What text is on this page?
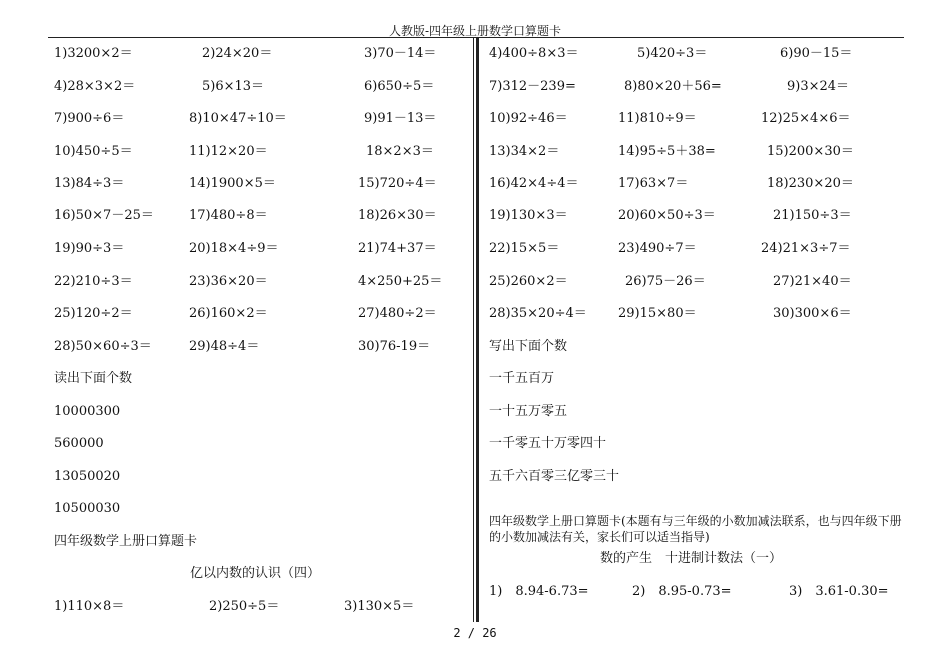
人教版-四年级上册数学口算题卡
1)3200×2＝	2)24×20＝	3)70－14＝
4)28×3×2＝	5)6×13＝	6)650÷5＝
7)900÷6＝	8)10×47÷10＝	9)91－13＝
10)450÷5＝	11)12×20＝	18×2×3＝
13)84÷3＝	14)1900×5＝	15)720÷4＝
16)50×7－25＝	17)480÷8＝	18)26×30＝
19)90÷3＝	20)18×4÷9＝	21)74+37＝
22)210÷3＝	23)36×20＝	4×250+25＝
25)120÷2＝	26)160×2＝	27)480÷2＝
28)50×60÷3＝	29)48÷4＝	30)76-19＝
读出下面个数
10000300
560000
13050020
10500030
四年级数学上册口算题卡
亿以内数的认识（四）
1)110×8＝	2)250÷5＝	3)130×5＝
4)400÷8×3＝	5)420÷3＝	6)90－15＝
7)312－239=	8)80×20＋56=	9)3×24＝
10)92÷46＝	11)810÷9＝	12)25×4×6＝
13)34×2＝	14)95÷5＋38=	15)200×30＝
16)42×4÷4＝	17)63×7＝	18)230×20＝
19)130×3＝	20)60×50÷3＝	21)150÷3＝
22)15×5＝	23)490÷7＝	24)21×3÷7＝
25)260×2＝	26)75－26＝	27)21×40＝
28)35×20÷4＝ 29)15×80＝	30)300×6＝
写出下面个数
一千五百万
一十五万零五
一千零五十万零四十
五千六百零三亿零三十
四年级数学上册口算题卡(本题有与三年级的小数加减法联系，也与四年级下册
的小数加减法有关，家长们可以适当指导)
数的产生　十进制计数法（一）
1)　8.94-6.73=	2)　8.95-0.73=	3)　3.61-0.30=
2 / 26
